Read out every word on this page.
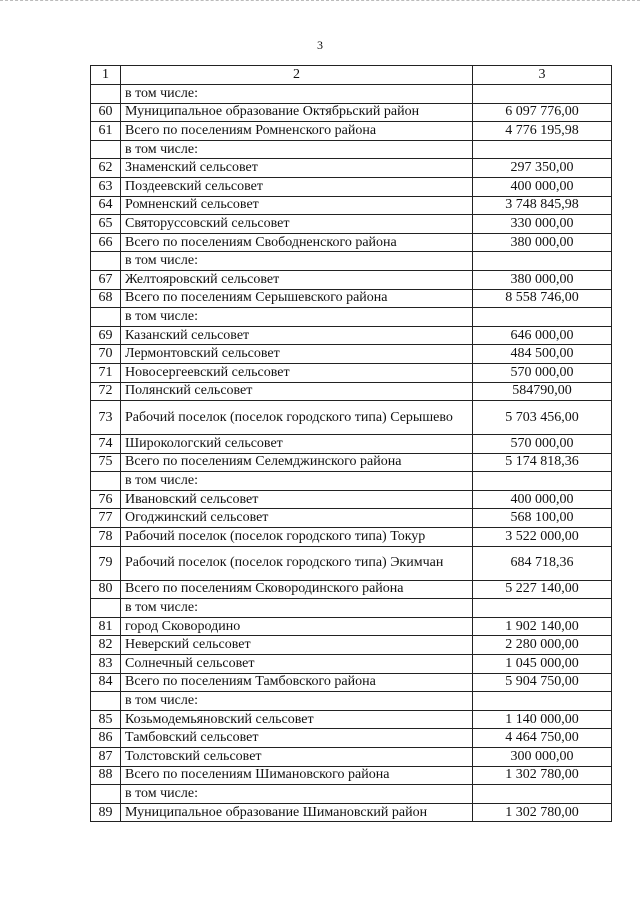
3
1	2	3
	в том числе:	
60	Муниципальное образование Октябрьский район	6 097 776,00
61	Всего по поселениям Ромненского района	4 776 195,98
	в том числе:	
62	Знаменский сельсовет	297 350,00
63	Поздеевский сельсовет	400 000,00
64	Ромненский сельсовет	3 748 845,98
65	Святоруссовский сельсовет	330 000,00
66	Всего по поселениям Свободненского района	380 000,00
	в том числе:	
67	Желтояровский сельсовет	380 000,00
68	Всего по поселениям Серышевского района	8 558 746,00
	в том числе:	
69	Казанский сельсовет	646 000,00
70	Лермонтовский сельсовет	484 500,00
71	Новосергеевский сельсовет	570 000,00
72	Полянский сельсовет	584790,00
73	Рабочий поселок (поселок городского типа) Серышево	5 703 456,00
74	Широкологский сельсовет	570 000,00
75	Всего по поселениям Селемджинского района	5 174 818,36
	в том числе:	
76	Ивановский сельсовет	400 000,00
77	Огоджинский сельсовет	568 100,00
78	Рабочий поселок (поселок городского типа) Токур	3 522 000,00
79	Рабочий поселок (поселок городского типа) Экимчан	684 718,36
80	Всего по поселениям Сковородинского района	5 227 140,00
	в том числе:	
81	город Сковородино	1 902 140,00
82	Неверский сельсовет	2 280 000,00
83	Солнечный сельсовет	1 045 000,00
84	Всего по поселениям Тамбовского района	5 904 750,00
	в том числе:	
85	Козьмодемьяновский сельсовет	1 140 000,00
86	Тамбовский сельсовет	4 464 750,00
87	Толстовский сельсовет	300 000,00
88	Всего по поселениям Шимановского района	1 302 780,00
	в том числе:	
89	Муниципальное образование Шимановский район	1 302 780,00
